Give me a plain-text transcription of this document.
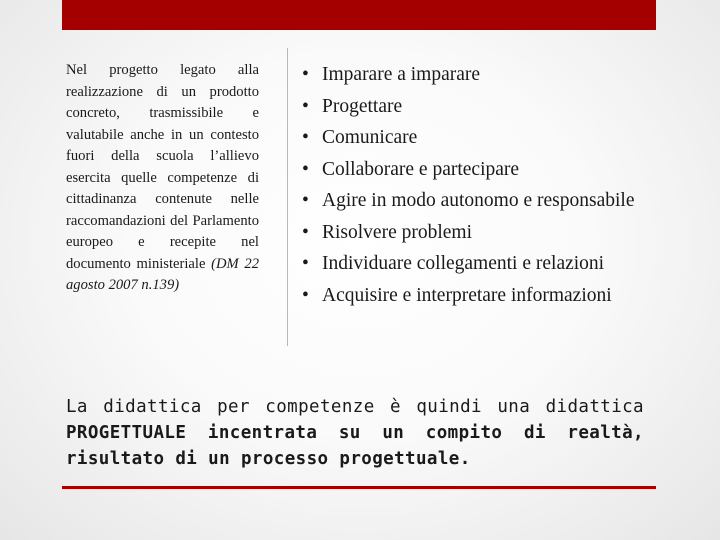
Nel progetto legato alla realizzazione di un prodotto concreto, trasmissibile e valutabile anche in un contesto fuori della scuola l’allievo esercita quelle competenze di cittadinanza contenute nelle raccomandazioni del Parlamento europeo e recepite nel documento ministeriale (DM 22 agosto 2007 n.139)
• Imparare a imparare
• Progettare
• Comunicare
• Collaborare e partecipare
• Agire in modo autonomo e responsabile
• Risolvere problemi
• Individuare collegamenti e relazioni
• Acquisire e interpretare informazioni
La didattica per competenze è quindi una didattica PROGETTUALE incentrata su un compito di realtà, risultato di un processo progettuale.
